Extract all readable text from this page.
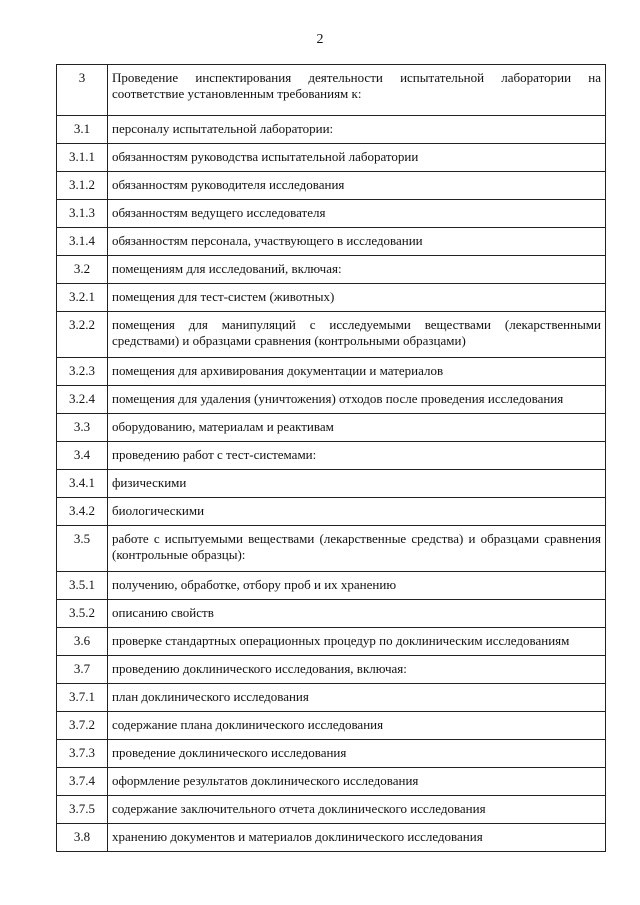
2
3	Проведение инспектирования деятельности испытательной лаборатории на соответствие установленным требованиям к:
3.1	персоналу испытательной лаборатории:
3.1.1	обязанностям руководства испытательной лаборатории
3.1.2	обязанностям руководителя исследования
3.1.3	обязанностям ведущего исследователя
3.1.4	обязанностям персонала, участвующего в исследовании
3.2	помещениям для исследований, включая:
3.2.1	помещения для тест-систем (животных)
3.2.2	помещения для манипуляций с исследуемыми веществами (лекарственными средствами) и образцами сравнения (контрольными образцами)
3.2.3	помещения для архивирования документации и материалов
3.2.4	помещения для удаления (уничтожения) отходов после проведения исследования
3.3	оборудованию, материалам и реактивам
3.4	проведению работ с тест-системами:
3.4.1	физическими
3.4.2	биологическими
3.5	работе с испытуемыми веществами (лекарственные средства) и образцами сравнения (контрольные образцы):
3.5.1	получению, обработке, отбору проб и их хранению
3.5.2	описанию свойств
3.6	проверке стандартных операционных процедур по доклиническим исследованиям
3.7	проведению доклинического исследования, включая:
3.7.1	план доклинического исследования
3.7.2	содержание плана доклинического исследования
3.7.3	проведение доклинического исследования
3.7.4	оформление результатов доклинического исследования
3.7.5	содержание заключительного отчета доклинического исследования
3.8	хранению документов и материалов доклинического исследования
